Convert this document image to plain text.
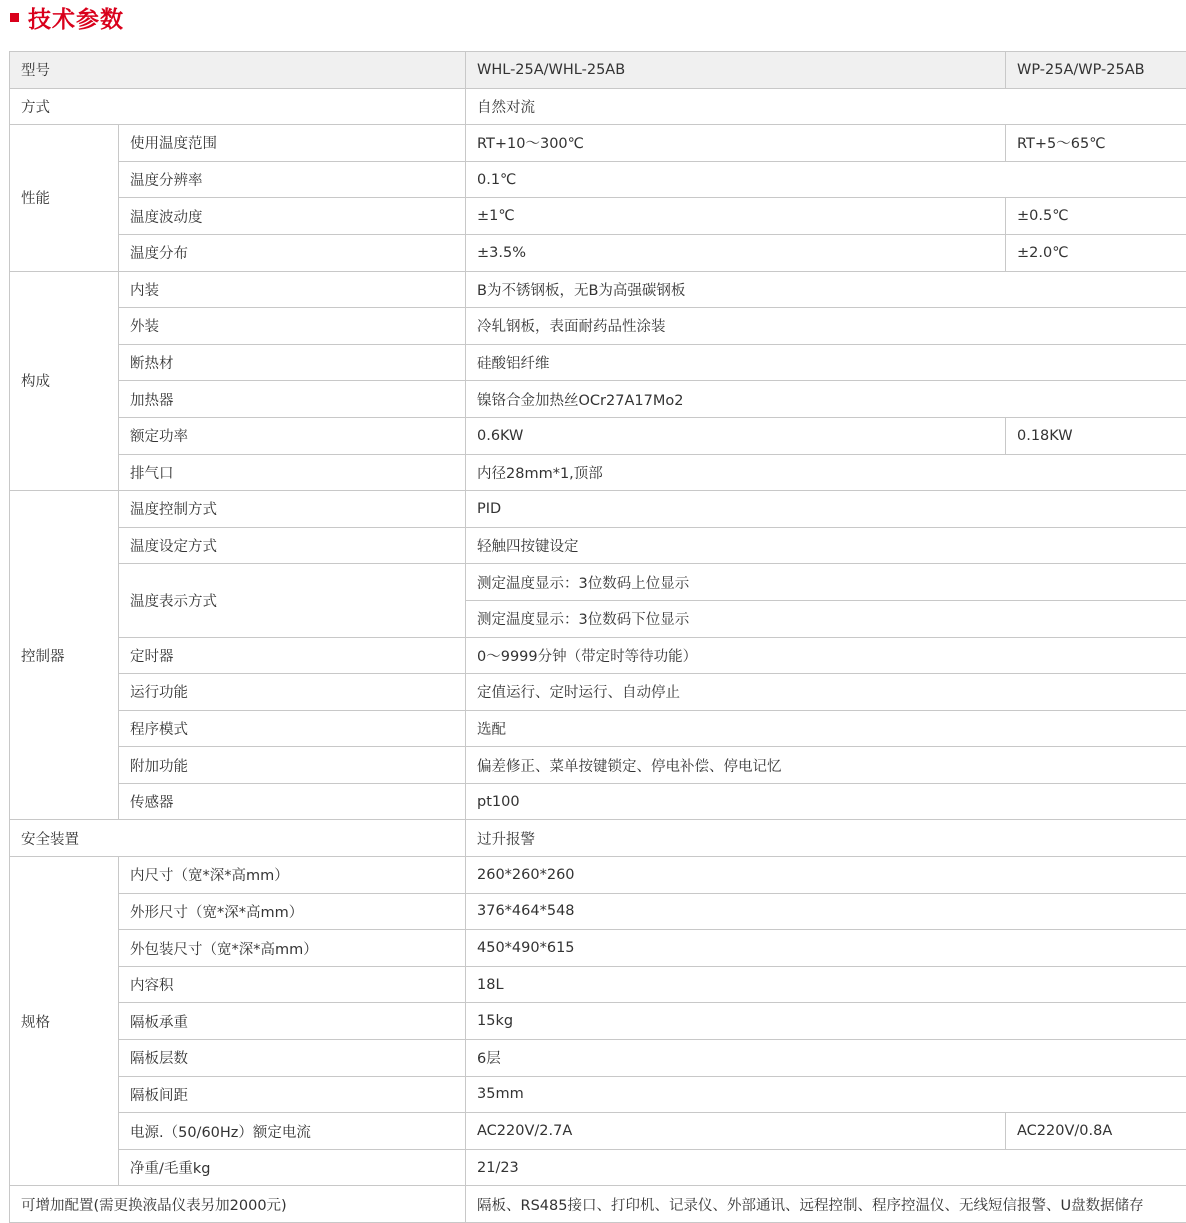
技术参数
型号		WHL-25A/WHL-25AB	WP-25A/WP-25AB
方式		自然对流	
性能	使用温度范围	RT+10～300℃	RT+5～65℃
	温度分辨率	0.1℃	
	温度波动度	±1℃	±0.5℃
	温度分布	±3.5%	±2.0℃
构成	内装	B为不锈钢板，无B为高强碳钢板	
	外装	冷轧钢板，表面耐药品性涂装	
	断热材	硅酸铝纤维	
	加热器	镍铬合金加热丝OCr27A17Mo2	
	额定功率	0.6KW	0.18KW
	排气口	内径28mm*1,顶部	
控制器	温度控制方式	PID	
	温度设定方式	轻触四按键设定	
	温度表示方式	测定温度显示：3位数码上位显示	
		测定温度显示：3位数码下位显示	
	定时器	0～9999分钟（带定时等待功能）	
	运行功能	定值运行、定时运行、自动停止	
	程序模式	选配	
	附加功能	偏差修正、菜单按键锁定、停电补偿、停电记忆	
	传感器	pt100	
安全装置		过升报警	
规格	内尺寸（宽*深*高mm）	260*260*260	
	外形尺寸（宽*深*高mm）	376*464*548	
	外包装尺寸（宽*深*高mm）	450*490*615	
	内容积	18L	
	隔板承重	15kg	
	隔板层数	6层	
	隔板间距	35mm	
	电源.（50/60Hz）额定电流	AC220V/2.7A	AC220V/0.8A
	净重/毛重kg	21/23	
可增加配置(需更换液晶仪表另加2000元)		隔板、RS485接口、打印机、记录仪、外部通讯、远程控制、程序控温仪、无线短信报警、U盘数据储存	
